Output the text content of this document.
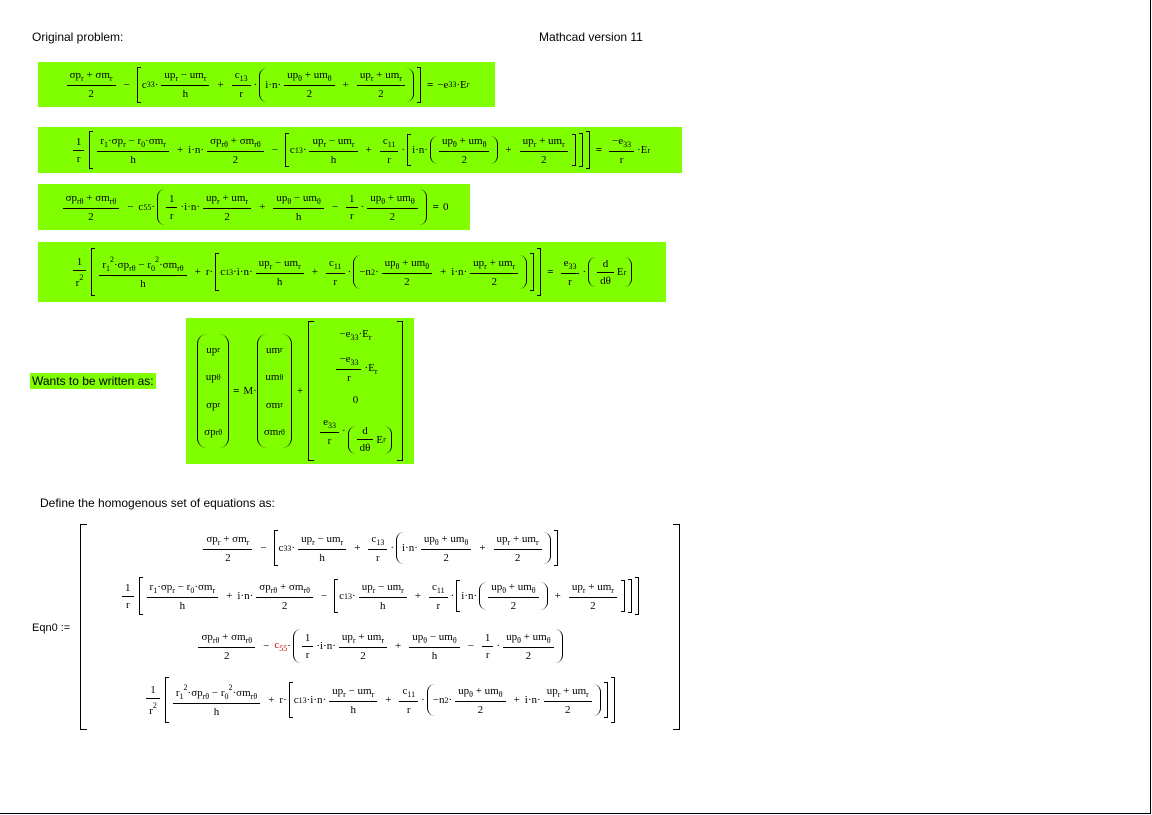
Original problem:	Mathcad version 11
$\frac{\sigma p_r + \sigma m_r}{2}$ −	c $33 \cdot \frac{up_r - um_r}{h} + \frac{c_{13}}{r} \cdot i\cdot n\cdot \frac{up_\theta + um_\theta}{2} + \frac{up_r + um_r}{2} = -e$ 33 ·E r
$\frac{1}{r} \frac{r_1\cdot\sigma p_r - r_0\cdot\sigma m_r}{h} + i\cdot n\cdot \frac{\sigma p_{r\theta} + \sigma m_{r\theta}}{2}$ −	c $13 \cdot \frac{up_r - um_r}{h} + \frac{c_{11}}{r} \cdot i\cdot n\cdot \frac{up_\theta + um_\theta}{2} + \frac{up_r + um_r}{2}$	= $\frac{-e_{33}}{r} \cdot E$ r
$\frac{\sigma p_{r\theta} + \sigma m_{r\theta}}{2} - c$ $55 \cdot \frac{1}{r} \cdot i\cdot n\cdot \frac{up_r + um_r}{2} + \frac{up_\theta - um_\theta}{h} - \frac{1}{r} \cdot \frac{up_\theta + um_\theta}{2} = 0$
$\frac{1}{r^2} \frac{r_1^2\cdot\sigma p_{r\theta} - r_0^2\cdot\sigma m_{r\theta}}{h} + r\cdot c$ $13 \cdot i\cdot n\cdot \frac{up_r - um_r}{h} + \frac{c_{11}}{r} \cdot -n$ $2 \cdot \frac{up_\theta + um_\theta}{2} + i\cdot n\cdot \frac{up_r + um_r}{2}$	= $\frac{e_{33}}{r} \cdot \frac{d}{d\theta}$ E r
Wants to be written as:
up r
up θ
σp r
σp rθ
= M·
um r
um θ
σm r
σm rθ
+
$-e_{33}\cdot E_r$
$\frac{-e_{33}}{r} \cdot E_r$
0
$\frac{e_{33}}{r} \cdot \frac{d}{d\theta}$ E r
Define the homogenous set of equations as:
Eqn0 :=
$\frac{\sigma p_r + \sigma m_r}{2}$ −	c $33 \cdot \frac{up_r - um_r}{h} + \frac{c_{13}}{r} \cdot i\cdot n\cdot \frac{up_\theta + um_\theta}{2} + \frac{up_r + um_r}{2}$
$\frac{1}{r} \frac{r_1\cdot\sigma p_r - r_0\cdot\sigma m_r}{h} + i\cdot n\cdot \frac{\sigma p_{r\theta} + \sigma m_{r\theta}}{2}$ −	c $13 \cdot \frac{up_r - um_r}{h} + \frac{c_{11}}{r} \cdot i\cdot n\cdot \frac{up_\theta + um_\theta}{2} + \frac{up_r + um_r}{2}$
$\frac{\sigma p_{r\theta} + \sigma m_{r\theta}}{2} - c_{55} \cdot \frac{1}{r} \cdot i\cdot n\cdot \frac{up_r + um_r}{2} + \frac{up_\theta - um_\theta}{h} - \frac{1}{r} \cdot \frac{up_\theta + um_\theta}{2}$
$\frac{1}{r^2} \frac{r_1^2\cdot\sigma p_{r\theta} - r_0^2\cdot\sigma m_{r\theta}}{h} + r\cdot c$ $13 \cdot i\cdot n\cdot \frac{up_r - um_r}{h} + \frac{c_{11}}{r} \cdot -n$ $2 \cdot \frac{up_\theta + um_\theta}{2} + i\cdot n\cdot \frac{up_r + um_r}{2}$
